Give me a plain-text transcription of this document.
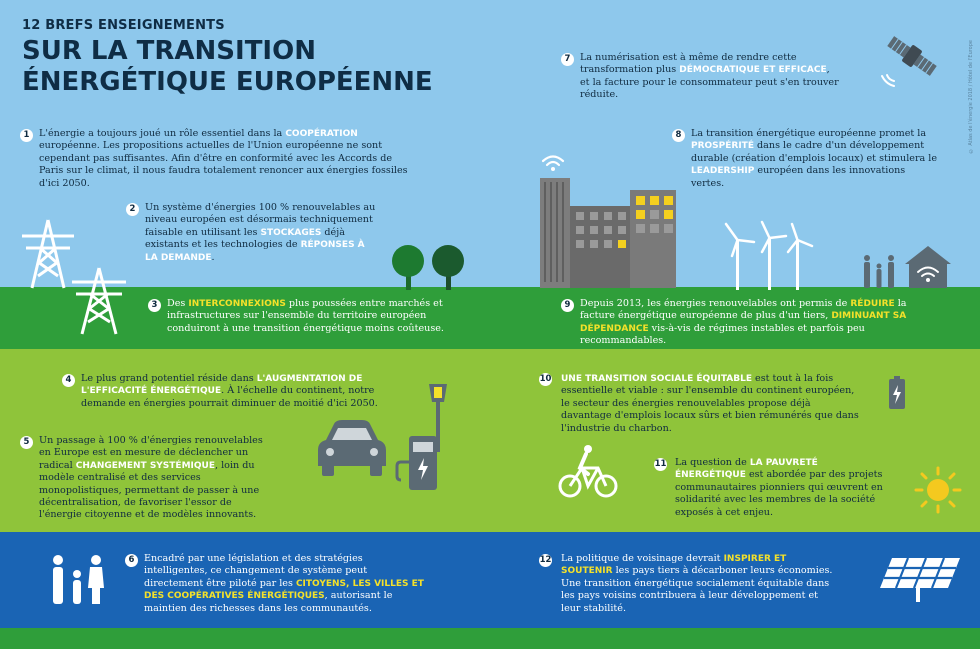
12 BREFS ENSEIGNEMENTS
SUR LA TRANSITION
ÉNERGÉTIQUE EUROPÉENNE	© Atlas de l'énergie 2018 / Hôtel de l'Europe
1 L'énergie a toujours joué un rôle essentiel dans la COOPÉRATION européenne. Les propositions actuelles de l'Union européenne ne sont cependant pas suffisantes. Afin d'être en conformité avec les Accords de Paris sur le climat, il nous faudra totalement renoncer aux énergies fossiles d'ici 2050.
2 Un système d'énergies 100 % renouvelables au niveau européen est désormais techniquement faisable en utilisant les STOCKAGES déjà existants et les technologies de RÉPONSES À LA DEMANDE.
3 Des INTERCONNEXIONS plus poussées entre marchés et infrastructures sur l'ensemble du territoire européen conduiront à une transition énergétique moins coûteuse.
4 Le plus grand potentiel réside dans L'AUGMENTATION DE L'EFFICACITÉ ÉNERGÉTIQUE. À l'échelle du continent, notre demande en énergies pourrait diminuer de moitié d'ici 2050.
5 Un passage à 100 % d'énergies renouvelables en Europe est en mesure de déclencher un radical CHANGEMENT SYSTÉMIQUE, loin du modèle centralisé et des services monopolistiques, permettant de passer à une décentralisation, de favoriser l'essor de l'énergie citoyenne et de modèles innovants.
6 Encadré par une législation et des stratégies intelligentes, ce changement de système peut directement être piloté par les CITOYENS, LES VILLES ET DES COOPÉRATIVES ÉNERGÉTIQUES, autorisant le maintien des richesses dans les communautés.
7 La numérisation est à même de rendre cette transformation plus DÉMOCRATIQUE ET EFFICACE, et la facture pour le consommateur peut s'en trouver réduite.
8 La transition énergétique européenne promet la PROSPÉRITÉ dans le cadre d'un développement durable (création d'emplois locaux) et stimulera le LEADERSHIP européen dans les innovations vertes.
9 Depuis 2013, les énergies renouvelables ont permis de RÉDUIRE la facture énergétique européenne de plus d'un tiers, DIMINUANT SA DÉPENDANCE vis-à-vis de régimes instables et parfois peu recommandables.
10 UNE TRANSITION SOCIALE ÉQUITABLE est tout à la fois essentielle et viable : sur l'ensemble du continent européen, le secteur des énergies renouvelables propose déjà davantage d'emplois locaux sûrs et bien rémunérés que dans l'industrie du charbon.
11 La question de LA PAUVRETÉ ÉNERGÉTIQUE est abordée par des projets communautaires pionniers qui œuvrent en solidarité avec les membres de la société exposés à cet enjeu.
12 La politique de voisinage devrait INSPIRER ET SOUTENIR les pays tiers à décarboner leurs économies. Une transition énergétique socialement équitable dans les pays voisins contribuera à leur développement et leur stabilité.
